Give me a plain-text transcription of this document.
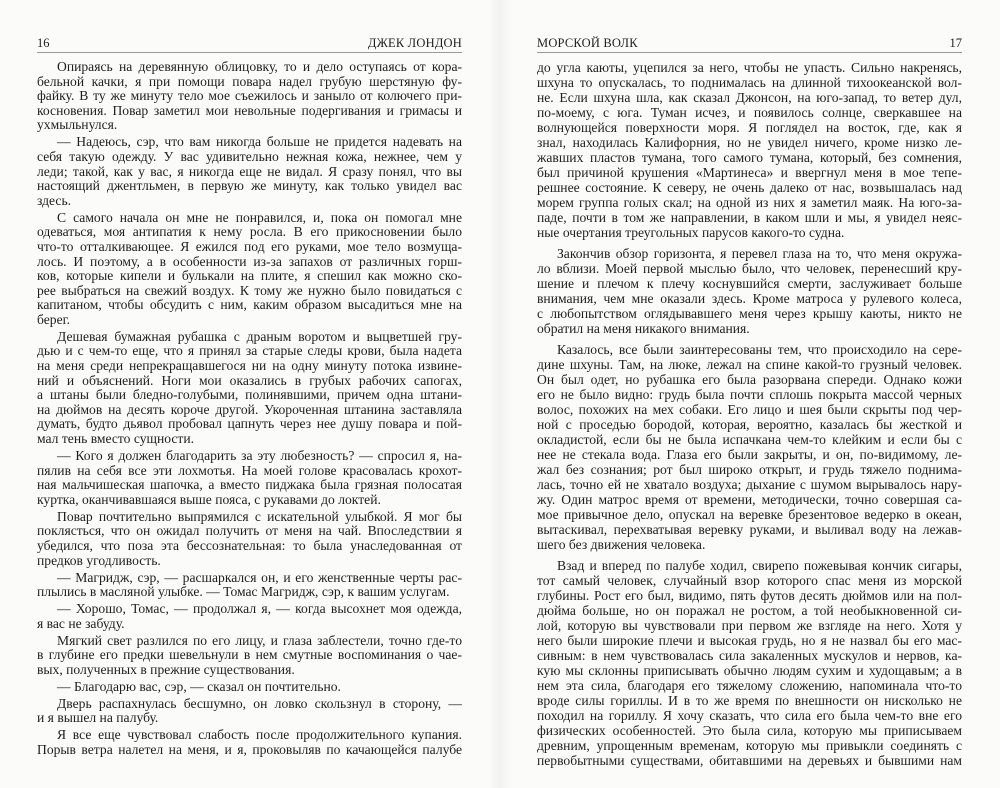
16	ДЖЕК ЛОНДОН
Опираясь на деревянную облицовку, то и дело оступаясь от кора-
бельной качки, я при помощи повара надел грубую шерстяную фу-
файку. В ту же минуту тело мое съежилось и заныло от колючего при-
косновения. Повар заметил мои невольные подергивания и гримасы и
ухмыльнулся.
— Надеюсь, сэр, что вам никогда больше не придется надевать на
себя такую одежду. У вас удивительно нежная кожа, нежнее, чем у
леди; такой, как у вас, я никогда еще не видал. Я сразу понял, что вы
настоящий джентльмен, в первую же минуту, как только увидел вас
здесь.
С самого начала он мне не понравился, и, пока он помогал мне
одеваться, моя антипатия к нему росла. В его прикосновении было
что-то отталкивающее. Я ежился под его руками, мое тело возмуща-
лось. И поэтому, а в особенности из-за запахов от различных горш-
ков, которые кипели и булькали на плите, я спешил как можно ско-
рее выбраться на свежий воздух. К тому же нужно было повидаться с
капитаном, чтобы обсудить с ним, каким образом высадиться мне на
берег.
Дешевая бумажная рубашка с драным воротом и выцветшей гру-
дью и с чем-то еще, что я принял за старые следы крови, была надета
на меня среди непрекращавшегося ни на одну минуту потока извине-
ний и объяснений. Ноги мои оказались в грубых рабочих сапогах,
а штаны были бледно-голубыми, полинявшими, причем одна штани-
на дюймов на десять короче другой. Укороченная штанина заставляла
думать, будто дьявол пробовал цапнуть через нее душу повара и пой-
мал тень вместо сущности.
— Кого я должен благодарить за эту любезность? — спросил я, на-
пялив на себя все эти лохмотья. На моей голове красовалась крохот-
ная мальчишеская шапочка, а вместо пиджака была грязная полосатая
куртка, оканчивавшаяся выше пояса, с рукавами до локтей.
Повар почтительно выпрямился с искательной улыбкой. Я мог бы
поклясться, что он ожидал получить от меня на чай. Впоследствии я
убедился, что поза эта бессознательная: то была унаследованная от
предков угодливость.
— Магридж, сэр, — расшаркался он, и его женственные черты рас-
плылись в масляной улыбке. — Томас Магридж, сэр, к вашим услугам.
— Хорошо, Томас, — продолжал я, — когда высохнет моя одежда,
я вас не забуду.
Мягкий свет разлился по его лицу, и глаза заблестели, точно где-то
в глубине его предки шевельнули в нем смутные воспоминания о чае-
вых, полученных в прежние существования.
— Благодарю вас, сэр, — сказал он почтительно.
Дверь распахнулась бесшумно, он ловко скользнул в сторону, —
и я вышел на палубу.
Я все еще чувствовал слабость после продолжительного купания.
Порыв ветра налетел на меня, и я, проковыляв по качающейся палубе
МОРСКОЙ ВОЛК	17
до угла каюты, уцепился за него, чтобы не упасть. Сильно накренясь,
шхуна то опускалась, то поднималась на длинной тихоокеанской вол-
не. Если шхуна шла, как сказал Джонсон, на юго-запад, то ветер дул,
по-моему, с юга. Туман исчез, и появилось солнце, сверкавшее на
волнующейся поверхности моря. Я поглядел на восток, где, как я
знал, находилась Калифорния, но не увидел ничего, кроме низко ле-
жавших пластов тумана, того самого тумана, который, без сомнения,
был причиной крушения «Мартинеса» и ввергнул меня в мое тепе-
решнее состояние. К северу, не очень далеко от нас, возвышалась над
морем группа голых скал; на одной из них я заметил маяк. На юго-за-
паде, почти в том же направлении, в каком шли и мы, я увидел неяс-
ные очертания треугольных парусов какого-то судна.
Закончив обзор горизонта, я перевел глаза на то, что меня окружа-
ло вблизи. Моей первой мыслью было, что человек, перенесший кру-
шение и плечом к плечу коснувшийся смерти, заслуживает больше
внимания, чем мне оказали здесь. Кроме матроса у рулевого колеса,
с любопытством оглядывавшего меня через крышу каюты, никто не
обратил на меня никакого внимания.
Казалось, все были заинтересованы тем, что происходило на сере-
дине шхуны. Там, на люке, лежал на спине какой-то грузный человек.
Он был одет, но рубашка его была разорвана спереди. Однако кожи
его не было видно: грудь была почти сплошь покрыта массой черных
волос, похожих на мех собаки. Его лицо и шея были скрыты под чер-
ной с проседью бородой, которая, вероятно, казалась бы жесткой и
окладистой, если бы не была испачкана чем-то клейким и если бы с
нее не стекала вода. Глаза его были закрыты, и он, по-видимому, ле-
жал без сознания; рот был широко открыт, и грудь тяжело поднима-
лась, точно ей не хватало воздуха; дыхание с шумом вырывалось нару-
жу. Один матрос время от времени, методически, точно совершая са-
мое привычное дело, опускал на веревке брезентовое ведерко в океан,
вытаскивал, перехватывая веревку руками, и выливал воду на лежав-
шего без движения человека.
Взад и вперед по палубе ходил, свирепо пожевывая кончик сигары,
тот самый человек, случайный взор которого спас меня из морской
глубины. Рост его был, видимо, пять футов десять дюймов или на пол-
дюйма больше, но он поражал не ростом, а той необыкновенной си-
лой, которую вы чувствовали при первом же взгляде на него. Хотя у
него были широкие плечи и высокая грудь, но я не назвал бы его мас-
сивным: в нем чувствовалась сила закаленных мускулов и нервов, ка-
кую мы склонны приписывать обычно людям сухим и худощавым; а в
нем эта сила, благодаря его тяжелому сложению, напоминала что-то
вроде силы гориллы. И в то же время по внешности он нисколько не
походил на гориллу. Я хочу сказать, что сила его была чем-то вне его
физических особенностей. Это была сила, которую мы приписываем
древним, упрощенным временам, которую мы привыкли соединять с
первобытными существами, обитавшими на деревьях и бывшими нам
